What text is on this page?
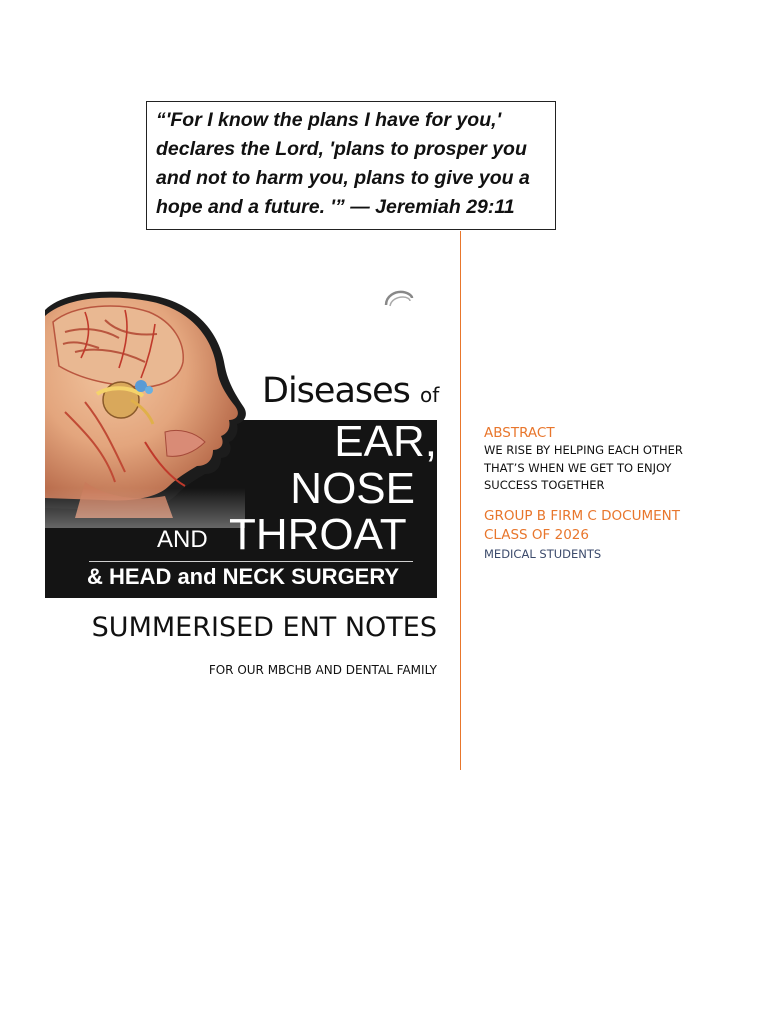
“'For I know the plans I have for you,'
declares the Lord, 'plans to prosper you
and not to harm you, plans to give you a
hope and a future. '” — Jeremiah 29:11

Diseases of
EAR,
NOSE
AND THROAT
& HEAD and NECK SURGERY
SUMMERISED ENT NOTES
FOR OUR MBCHB AND DENTAL FAMILY
ABSTRACT
WE RISE BY HELPING EACH OTHER
THAT’S WHEN WE GET TO ENJOY
SUCCESS TOGETHER
GROUP B FIRM C DOCUMENT
CLASS OF 2026
MEDICAL STUDENTS
